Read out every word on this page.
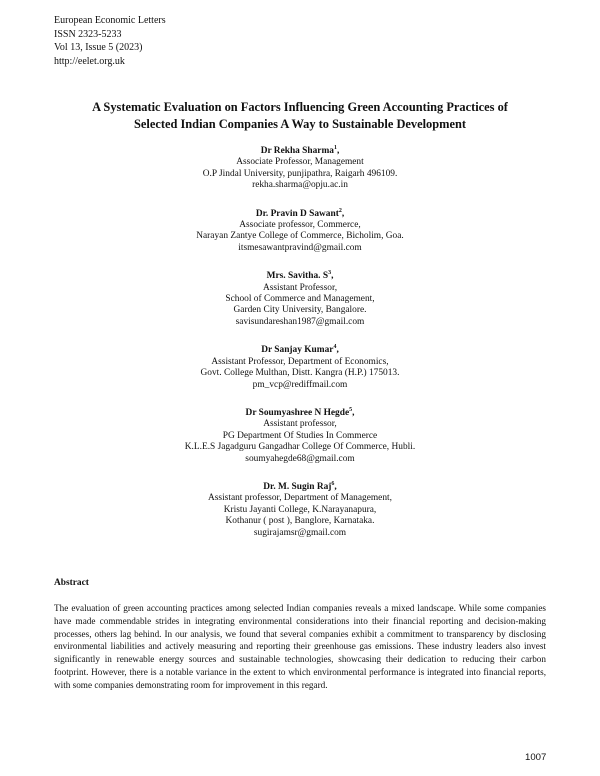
European Economic Letters
ISSN 2323-5233
Vol 13, Issue 5 (2023)
http://eelet.org.uk
A Systematic Evaluation on Factors Influencing Green Accounting Practices of
Selected Indian Companies A Way to Sustainable Development
Dr Rekha Sharma$^1$,
Associate Professor, Management
O.P Jindal University, punjipathra, Raigarh 496109.
rekha.sharma@opju.ac.in
Dr. Pravin D Sawant$^2$,
Associate professor, Commerce,
Narayan Zantye College of Commerce, Bicholim, Goa.
itsmesawantpravind@gmail.com
Mrs. Savitha. $S^3$,
Assistant Professor,
School of Commerce and Management,
Garden City University, Bangalore.
savisundareshan1987@gmail.com
Dr Sanjay Kumar$^4$,
Assistant Professor, Department of Economics,
Govt. College Multhan, Distt. Kangra (H.P.) 175013.
pm_vcp@rediffmail.com
Dr Soumyashree N Hegde$^5$,
Assistant professor,
PG Department Of Studies In Commerce
K.L.E.S Jagadguru Gangadhar College Of Commerce, Hubli.
soumyahegde68@gmail.com
Dr. M. Sugin Raj$^6$,
Assistant professor, Department of Management,
Kristu Jayanti College, K.Narayanapura,
Kothanur ( post ), Banglore, Karnataka.
sugirajamsr@gmail.com
Abstract
The evaluation of green accounting practices among selected Indian companies reveals a mixed landscape. While some companies have made commendable strides in integrating environmental considerations into their financial reporting and decision-making processes, others lag behind. In our analysis, we found that several companies exhibit a commitment to transparency by disclosing environmental liabilities and actively measuring and reporting their greenhouse gas emissions. These industry leaders also invest significantly in renewable energy sources and sustainable technologies, showcasing their dedication to reducing their carbon footprint. However, there is a notable variance in the extent to which environmental performance is integrated into financial reports, with some companies demonstrating room for improvement in this regard.
1007
